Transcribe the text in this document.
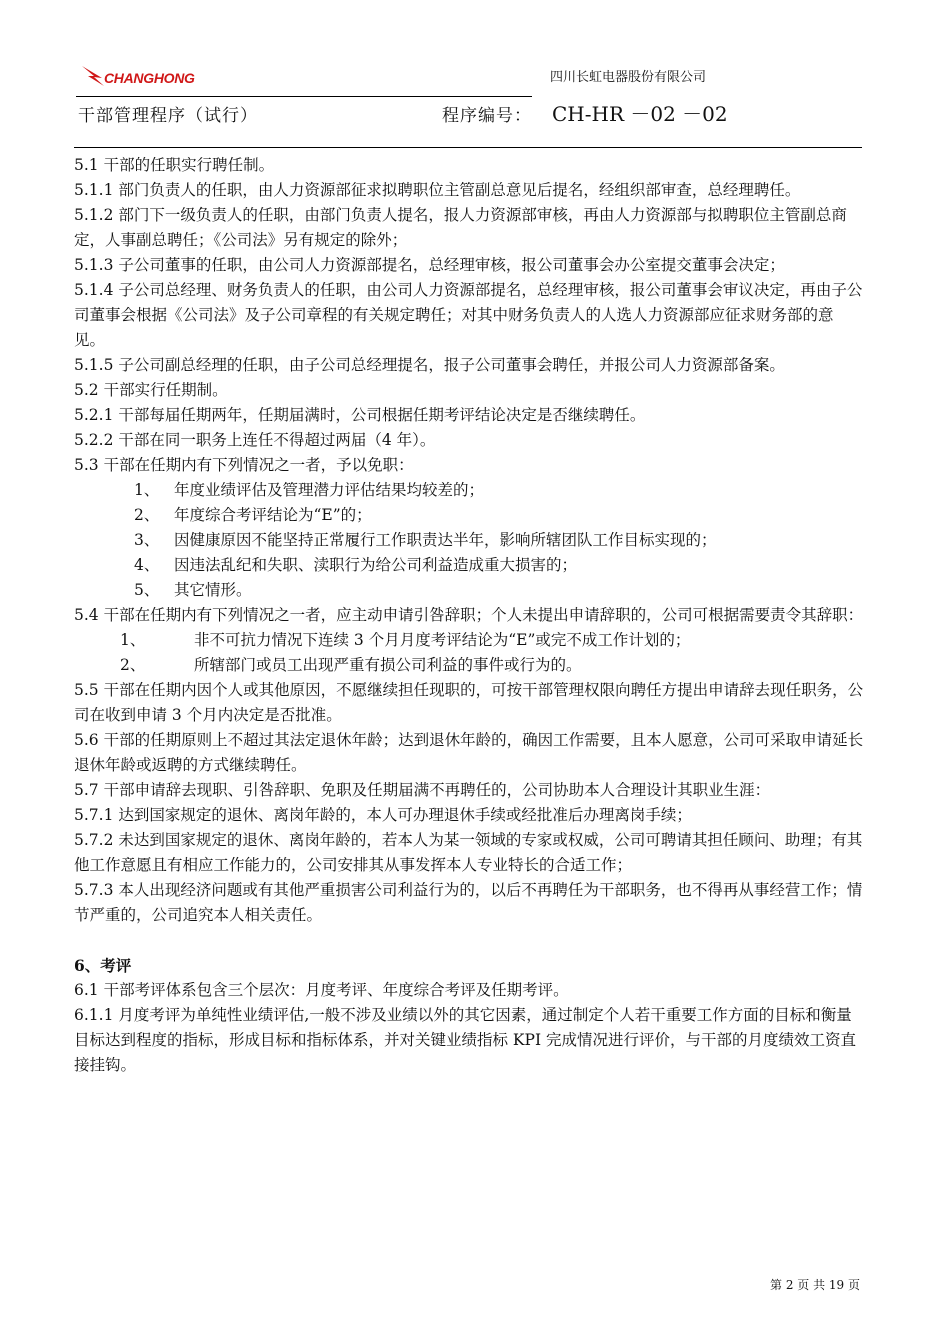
CHANGHONG	四川长虹电器股份有限公司
干部管理程序（试行）	程序编号： CH-HR －02 －02

5.1 干部的任职实行聘任制。

5.1.1 部门负责人的任职，由人力资源部征求拟聘职位主管副总意见后提名，经组织部审查，总经理聘任。

5.1.2 部门下一级负责人的任职，由部门负责人提名，报人力资源部审核，再由人力资源部与拟聘职位主管副总商定，人事副总聘任；《公司法》另有规定的除外；

5.1.3 子公司董事的任职，由公司人力资源部提名，总经理审核，报公司董事会办公室提交董事会决定；

5.1.4 子公司总经理、财务负责人的任职，由公司人力资源部提名，总经理审核，报公司董事会审议决定，再由子公司董事会根据《公司法》及子公司章程的有关规定聘任；对其中财务负责人的人选人力资源部应征求财务部的意见。

5.1.5 子公司副总经理的任职，由子公司总经理提名，报子公司董事会聘任，并报公司人力资源部备案。

5.2 干部实行任期制。

5.2.1 干部每届任期两年，任期届满时，公司根据任期考评结论决定是否继续聘任。

5.2.2 干部在同一职务上连任不得超过两届（4 年）。

5.3 干部在任期内有下列情况之一者，予以免职：

1、 年度业绩评估及管理潜力评估结果均较差的；
2、 年度综合考评结论为“E”的；
3、 因健康原因不能坚持正常履行工作职责达半年，影响所辖团队工作目标实现的；
4、 因违法乱纪和失职、渎职行为给公司利益造成重大损害的；
5、 其它情形。

5.4 干部在任期内有下列情况之一者，应主动申请引咎辞职；个人未提出申请辞职的，公司可根据需要责令其辞职：

1、	非不可抗力情况下连续 3 个月月度考评结论为“E”或完不成工作计划的；
2、	所辖部门或员工出现严重有损公司利益的事件或行为的。

5.5 干部在任期内因个人或其他原因，不愿继续担任现职的，可按干部管理权限向聘任方提出申请辞去现任职务，公司在收到申请 3 个月内决定是否批准。

5.6 干部的任期原则上不超过其法定退休年龄；达到退休年龄的，确因工作需要，且本人愿意，公司可采取申请延长退休年龄或返聘的方式继续聘任。

5.7 干部申请辞去现职、引咎辞职、免职及任期届满不再聘任的，公司协助本人合理设计其职业生涯：

5.7.1 达到国家规定的退休、离岗年龄的，本人可办理退休手续或经批准后办理离岗手续；

5.7.2 未达到国家规定的退休、离岗年龄的，若本人为某一领域的专家或权威，公司可聘请其担任顾问、助理；有其他工作意愿且有相应工作能力的，公司安排其从事发挥本人专业特长的合适工作；

5.7.3 本人出现经济问题或有其他严重损害公司利益行为的，以后不再聘任为干部职务，也不得再从事经营工作；情节严重的，公司追究本人相关责任。

6、考评

6.1 干部考评体系包含三个层次：月度考评、年度综合考评及任期考评。

6.1.1 月度考评为单纯性业绩评估,一般不涉及业绩以外的其它因素，通过制定个人若干重要工作方面的目标和衡量目标达到程度的指标，形成目标和指标体系，并对关键业绩指标 KPI 完成情况进行评价，与干部的月度绩效工资直接挂钩。

第 2 页 共 19 页
